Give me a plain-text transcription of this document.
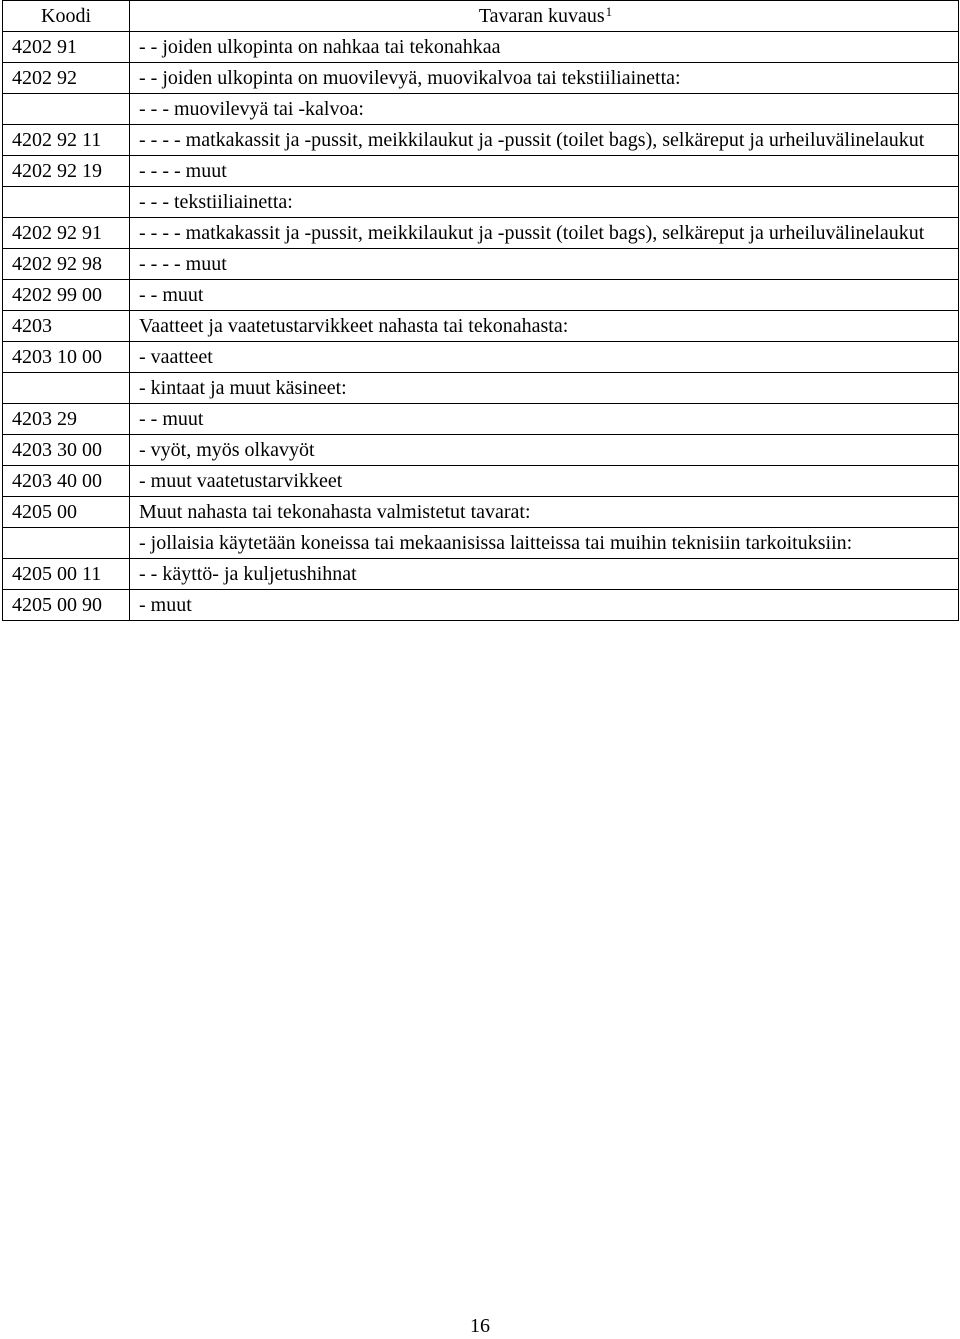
Koodi	Tavaran kuvaus$^1$
4202 91	- - joiden ulkopinta on nahkaa tai tekonahkaa
4202 92	- - joiden ulkopinta on muovilevyä, muovikalvoa tai tekstiiliainetta:
	- - - muovilevyä tai -kalvoa:
4202 92 11	- - - - matkakassit ja -pussit, meikkilaukut ja -pussit (toilet bags), selkäreput ja urheiluvälinelaukut
4202 92 19	- - - - muut
	- - - tekstiiliainetta:
4202 92 91	- - - - matkakassit ja -pussit, meikkilaukut ja -pussit (toilet bags), selkäreput ja urheiluvälinelaukut
4202 92 98	- - - - muut
4202 99 00	- - muut
4203	Vaatteet ja vaatetustarvikkeet nahasta tai tekonahasta:
4203 10 00	- vaatteet
	- kintaat ja muut käsineet:
4203 29	- - muut
4203 30 00	- vyöt, myös olkavyöt
4203 40 00	- muut vaatetustarvikkeet
4205 00	Muut nahasta tai tekonahasta valmistetut tavarat:
	- jollaisia käytetään koneissa tai mekaanisissa laitteissa tai muihin teknisiin tarkoituksiin:
4205 00 11	- - käyttö- ja kuljetushihnat
4205 00 90	- muut
16
